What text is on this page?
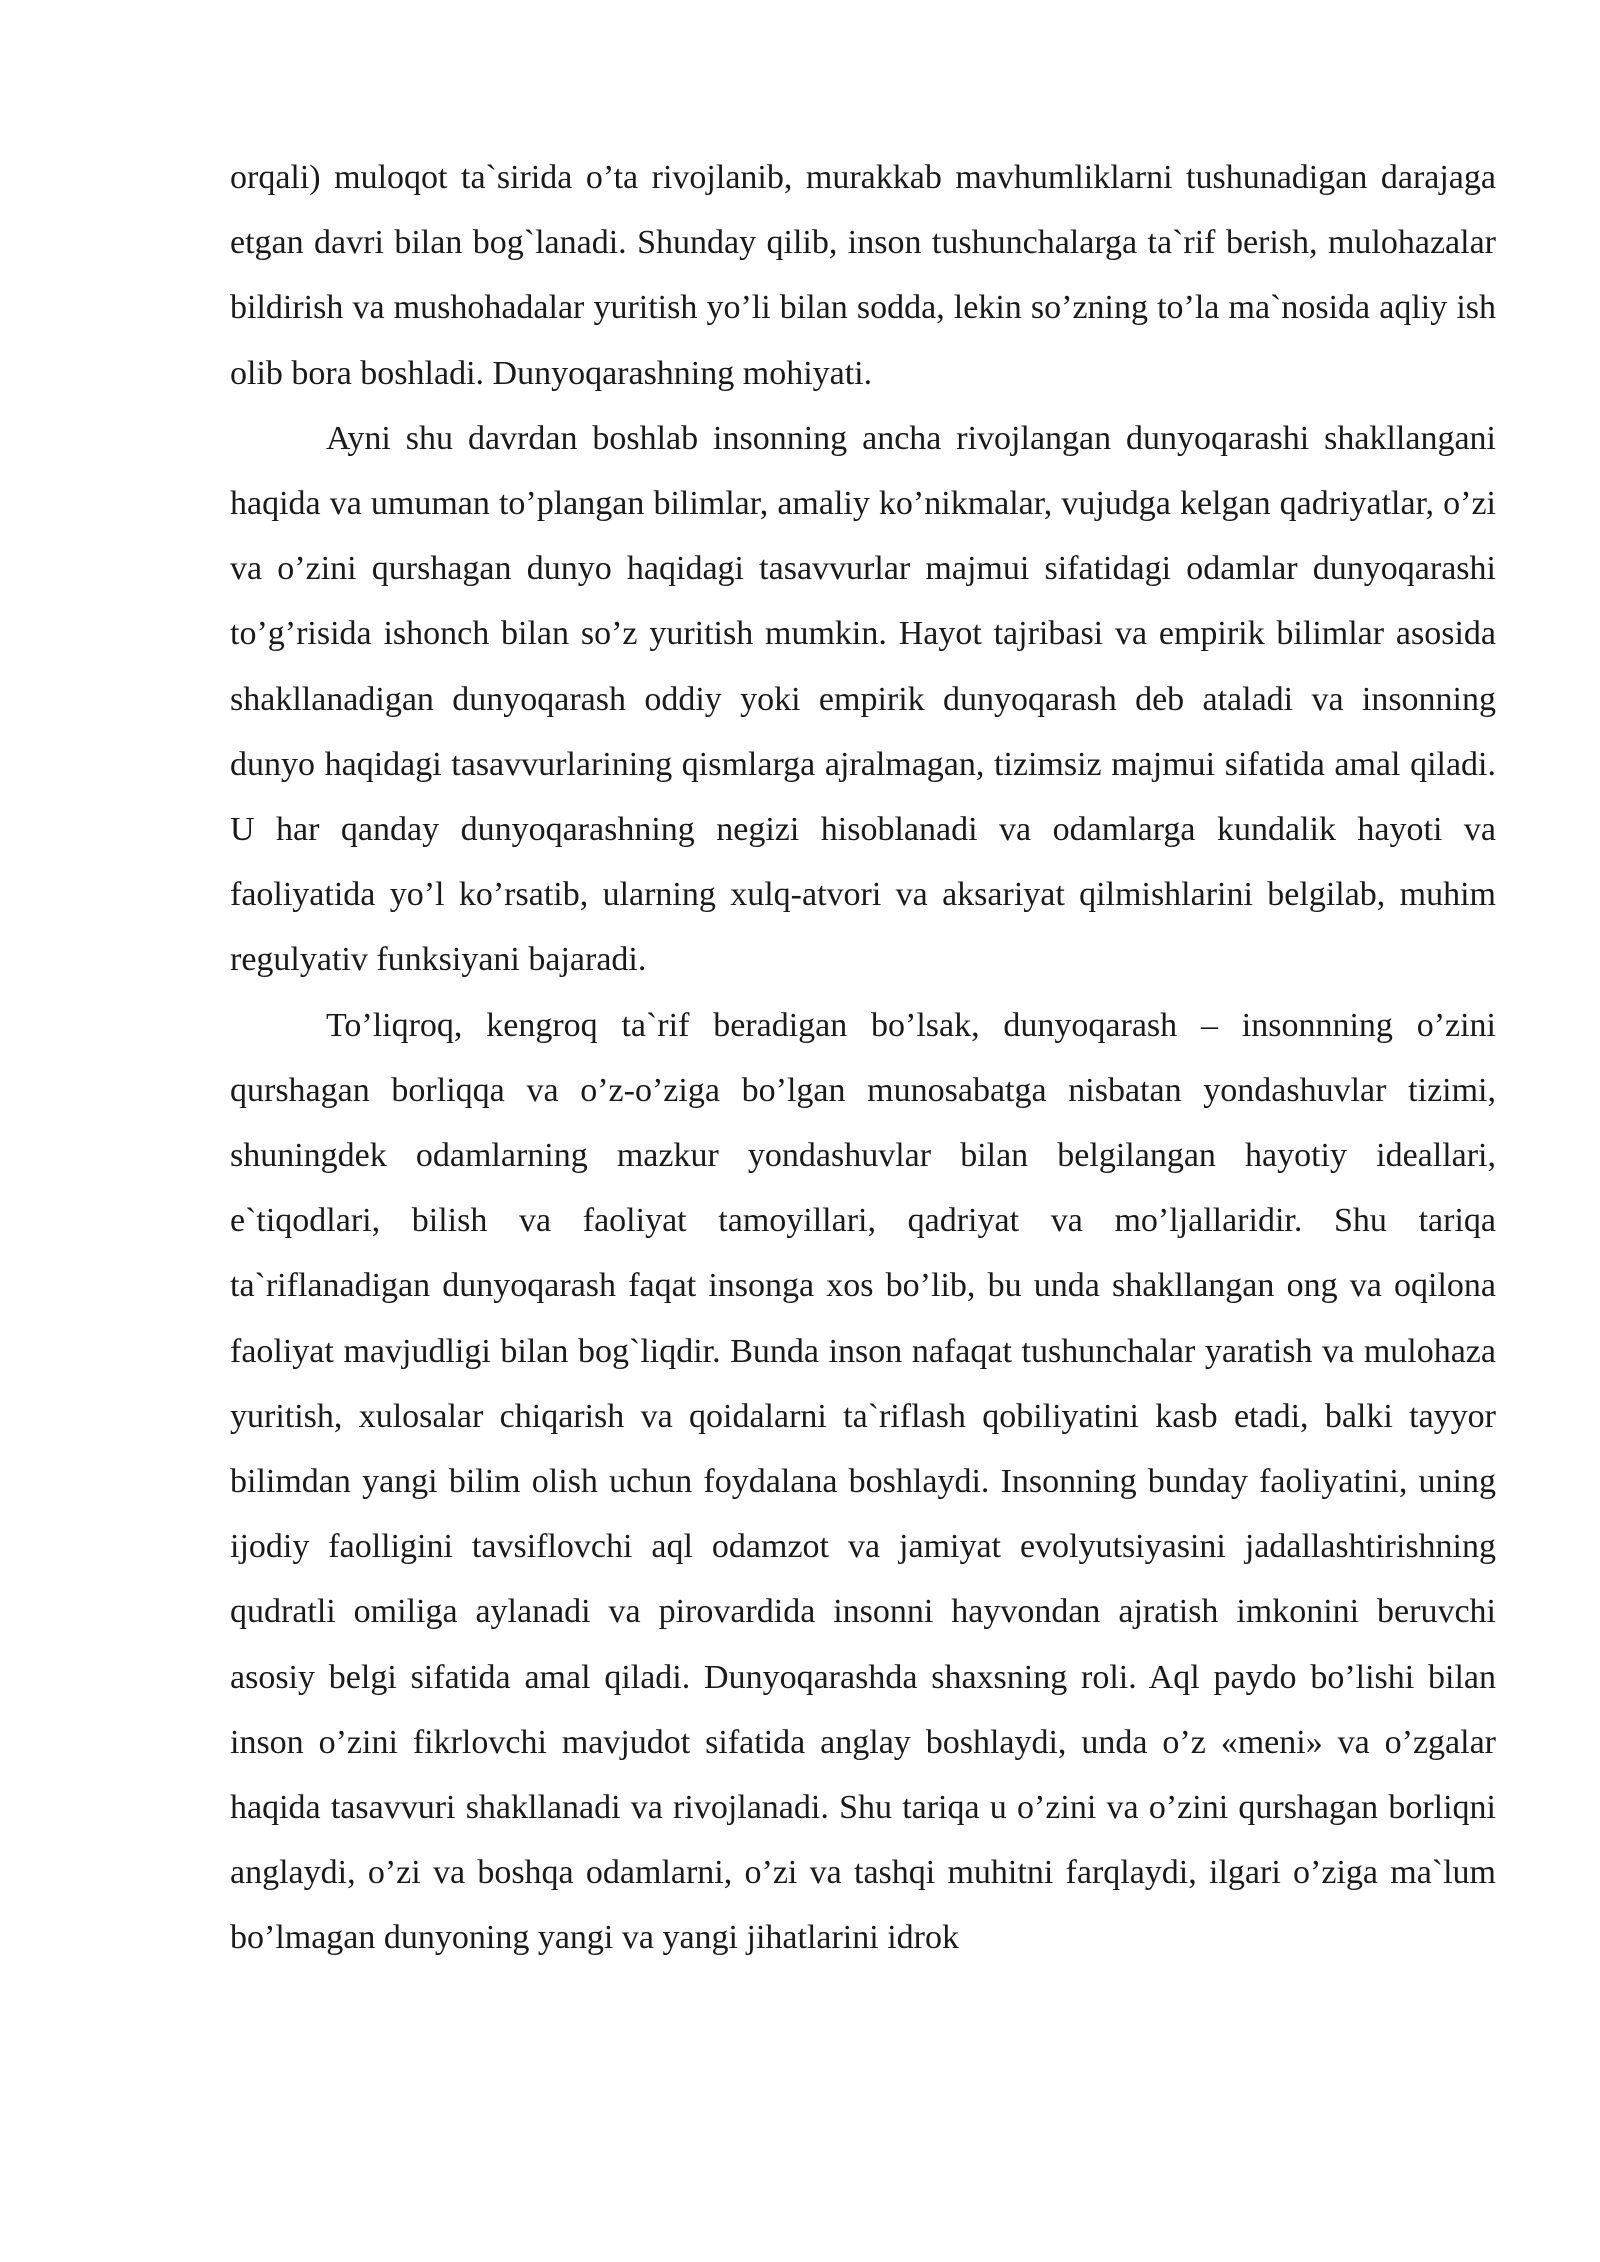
orqali) muloqot ta`sirida o’ta rivojlanib, murakkab mavhumliklarni tushunadigan darajaga etgan davri bilan bog`lanadi. Shunday qilib, inson tushunchalarga ta`rif berish, mulohazalar bildirish va mushohadalar yuritish yo’li bilan sodda, lekin so’zning to’la ma`nosida aqliy ish olib bora boshladi. Dunyoqarashning mohiyati.

Ayni shu davrdan boshlab insonning ancha rivojlangan dunyoqarashi shakllangani haqida va umuman to’plangan bilimlar, amaliy ko’nikmalar, vujudga kelgan qadriyatlar, o’zi va o’zini qurshagan dunyo haqidagi tasavvurlar majmui sifatidagi odamlar dunyoqarashi to’g’risida ishonch bilan so’z yuritish mumkin. Hayot tajribasi va empirik bilimlar asosida shakllanadigan dunyoqarash oddiy yoki empirik dunyoqarash deb ataladi va insonning dunyo haqidagi tasavvurlarining qismlarga ajralmagan, tizimsiz majmui sifatida amal qiladi. U har qanday dunyoqarashning negizi hisoblanadi va odamlarga kundalik hayoti va faoliyatida yo’l ko’rsatib, ularning xulq-atvori va aksariyat qilmishlarini belgilab, muhim regulyativ funksiyani bajaradi.

To’liqroq, kengroq ta`rif beradigan bo’lsak, dunyoqarash – insonnning o’zini qurshagan borliqqa va o’z-o’ziga bo’lgan munosabatga nisbatan yondashuvlar tizimi, shuningdek odamlarning mazkur yondashuvlar bilan belgilangan hayotiy ideallari, e`tiqodlari, bilish va faoliyat tamoyillari, qadriyat va mo’ljallaridir. Shu tariqa ta`riflanadigan dunyoqarash faqat insonga xos bo’lib, bu unda shakllangan ong va oqilona faoliyat mavjudligi bilan bog`liqdir. Bunda inson nafaqat tushunchalar yaratish va mulohaza yuritish, xulosalar chiqarish va qoidalarni ta`riflash qobiliyatini kasb etadi, balki tayyor bilimdan yangi bilim olish uchun foydalana boshlaydi. Insonning bunday faoliyatini, uning ijodiy faolligini tavsiflovchi aql odamzot va jamiyat evolyutsiyasini jadallashtirishning qudratli omiliga aylanadi va pirovardida insonni hayvondan ajratish imkonini beruvchi asosiy belgi sifatida amal qiladi. Dunyoqarashda shaxsning roli. Aql paydo bo’lishi bilan inson o’zini fikrlovchi mavjudot sifatida anglay boshlaydi, unda o’z «meni» va o’zgalar haqida tasavvuri shakllanadi va rivojlanadi. Shu tariqa u o’zini va o’zini qurshagan borliqni anglaydi, o’zi va boshqa odamlarni, o’zi va tashqi muhitni farqlaydi, ilgari o’ziga ma`lum bo’lmagan dunyoning yangi va yangi jihatlarini idrok
